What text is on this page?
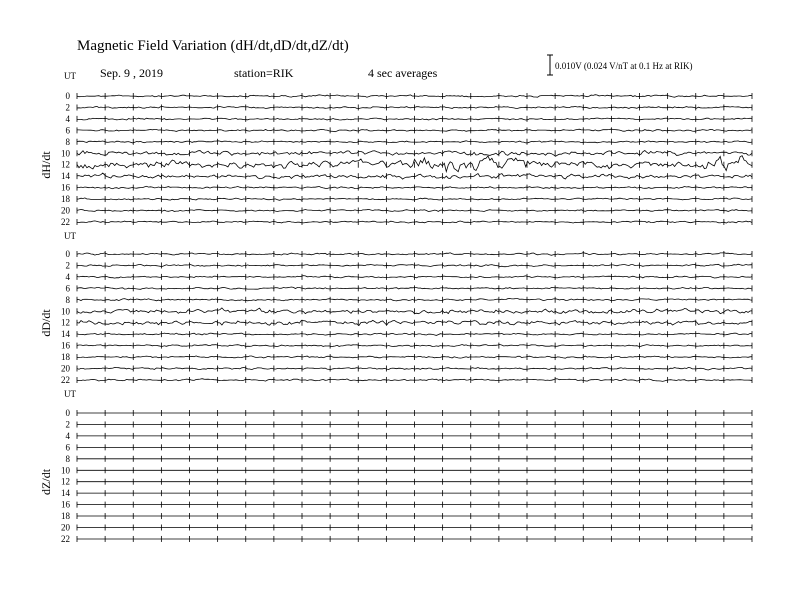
Magnetic Field Variation (dH/dt,dD/dt,dZ/dt)
Sep. 9 , 2019	station=RIK	4 sec averages	0.010V (0.024 V/nT at 0.1 Hz at RIK)
UT
dH/dt
0
2
4
6
8
10
12
14
16
18
20
22
UT
dD/dt
0
2
4
6
8
10
12
14
16
18
20
22
UT
dZ/dt
0
2
4
6
8
10
12
14
16
18
20
22
